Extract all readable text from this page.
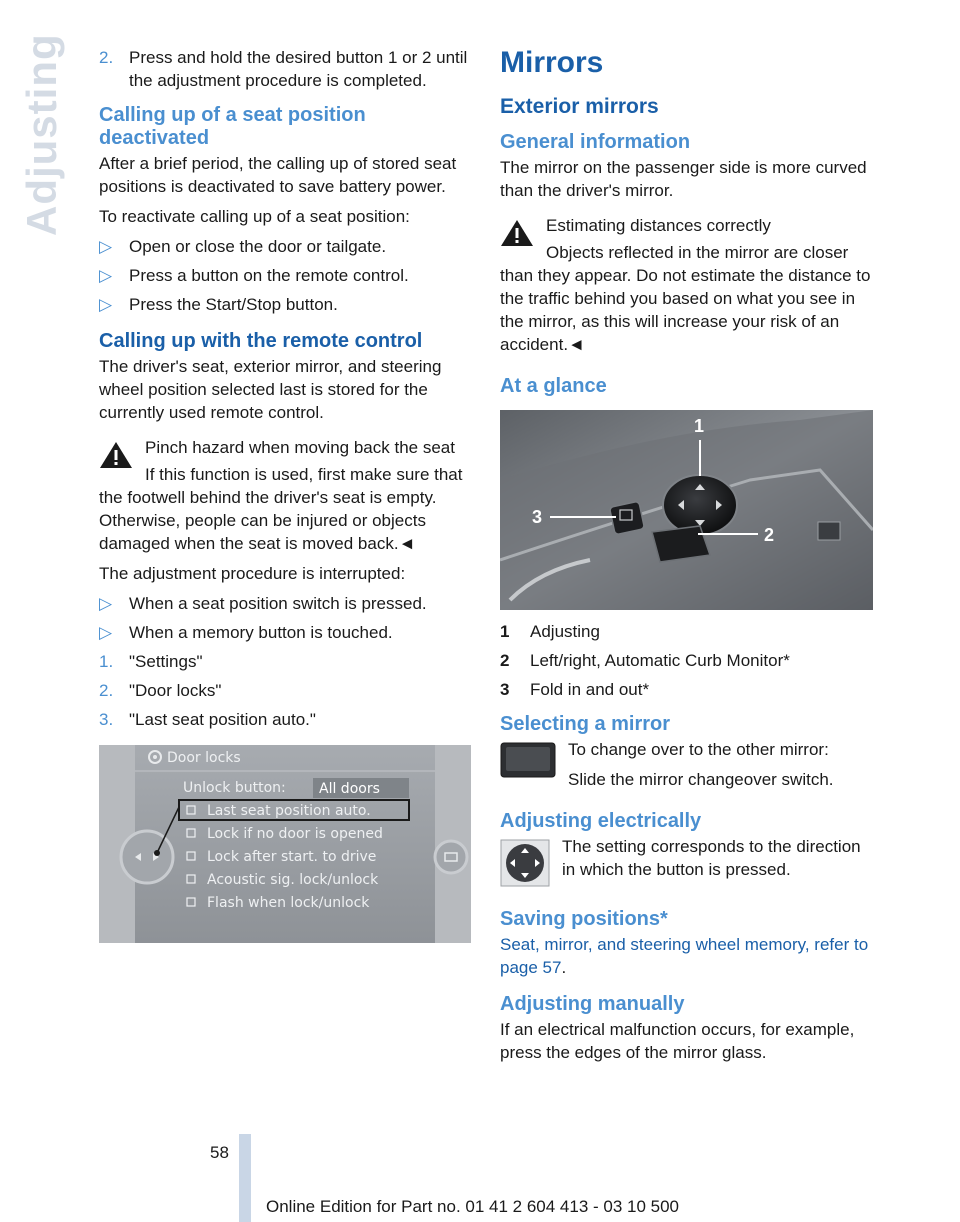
Adjusting 2. Press and hold the desired button 1 or 2 until the adjustment procedure is completed.
Calling up of a seat position deactivated

After a brief period, the calling up of stored seat positions is deactivated to save battery power.

To reactivate calling up of a seat position:

▷ Open or close the door or tailgate.
▷ Press a button on the remote control.
▷ Press the Start/Stop button.
Calling up with the remote control

The driver's seat, exterior mirror, and steering wheel position selected last is stored for the currently used remote control.

Pinch hazard when moving back the seat

If this function is used, first make sure that the footwell behind the driver's seat is empty. Otherwise, people can be injured or objects damaged when the seat is moved back.◄

The adjustment procedure is interrupted:

▷ When a seat position switch is pressed.
▷ When a memory button is touched.
1. "Settings"
2. "Door locks"
3. "Last seat position auto."
Door locks
Unlock button: All doors
Last seat position auto.
Lock if no door is opened
Lock after start. to drive
Acoustic sig. lock/unlock
Flash when lock/unlock
Mirrors
Exterior mirrors
General information

The mirror on the passenger side is more curved than the driver's mirror.

Estimating distances correctly

Objects reflected in the mirror are closer than they appear. Do not estimate the distance to the traffic behind you based on what you see in the mirror, as this will increase your risk of an accident.◄

At a glance
1
2
3
1	Adjusting
2	Left/right, Automatic Curb Monitor*
3	Fold in and out*
Selecting a mirror

To change over to the other mirror:

Slide the mirror changeover switch.

Adjusting electrically

The setting corresponds to the direction in which the button is pressed.

Saving positions*

Seat, mirror, and steering wheel memory, refer to page 57.

Adjusting manually

If an electrical malfunction occurs, for example, press the edges of the mirror glass.

58
Online Edition for Part no. 01 41 2 604 413 - 03 10 500
